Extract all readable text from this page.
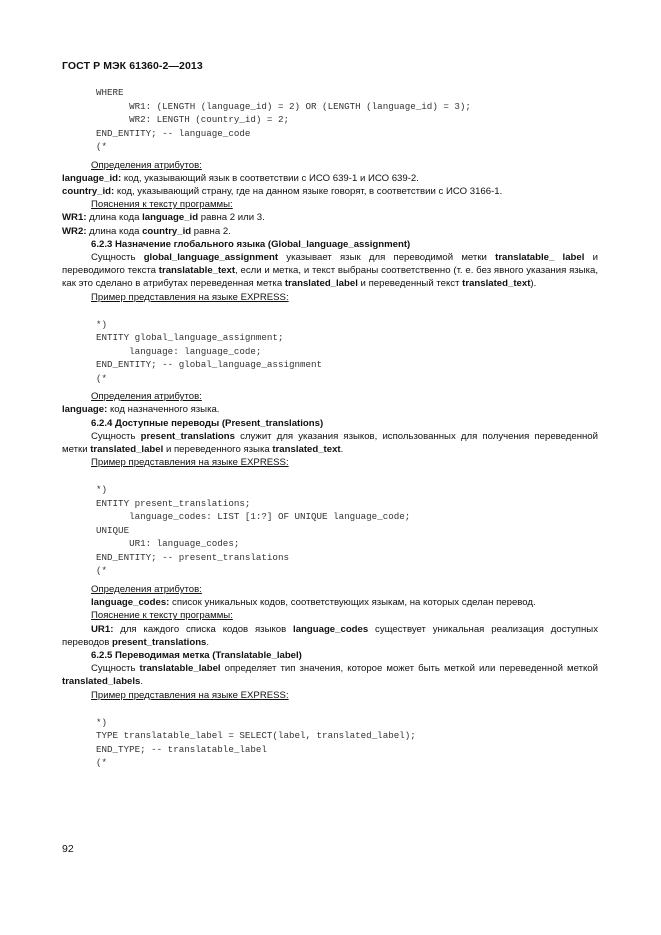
ГОСТ Р МЭК 61360-2—2013
WHERE
WR1: (LENGTH (language_id) = 2) OR (LENGTH (language_id) = 3);
WR2: LENGTH (country_id) = 2;
END_ENTITY; -- language_code
(*

Определения атрибутов:

language_id: код, указывающий язык в соответствии с ИСО 639-1 и ИСО 639-2.

country_id: код, указывающий страну, где на данном языке говорят, в соответствии с ИСО 3166-1.

Пояснения к тексту программы:

WR1: длина кода language_id равна 2 или 3.

WR2: длина кода country_id равна 2.

6.2.3 Назначение глобального языка (Global_language_assignment)

Сущность global_language_assignment указывает язык для переводимой метки translatable_ label и переводимого текста translatable_text, если и метка, и текст выбраны соответственно (т. е. без явного указания языка, как это сделано в атрибутах переведенная метка translated_label и переведенный текст translated_text).

Пример представления на языке EXPRESS:

*)
ENTITY global_language_assignment;
language: language_code;
END_ENTITY; -- global_language_assignment
(*

Определения атрибутов:

language: код назначенного языка.

6.2.4 Доступные переводы (Present_translations)

Сущность present_translations служит для указания языков, использованных для получения переведенной метки translated_label и переведенного языка translated_text.

Пример представления на языке EXPRESS:

*)
ENTITY present_translations;
language_codes: LIST [1:?] OF UNIQUE language_code;
UNIQUE
UR1: language_codes;
END_ENTITY; -- present_translations
(*

Определения атрибутов:

language_codes: список уникальных кодов, соответствующих языкам, на которых сделан перевод.

Пояснение к тексту программы:

UR1: для каждого списка кодов языков language_codes существует уникальная реализация доступных переводов present_translations.

6.2.5 Переводимая метка (Translatable_label)

Сущность translatable_label определяет тип значения, которое может быть меткой или переведенной меткой translated_labels.

Пример представления на языке EXPRESS:

*)
TYPE translatable_label = SELECT(label, translated_label);
END_TYPE; -- translatable_label
(*
92
